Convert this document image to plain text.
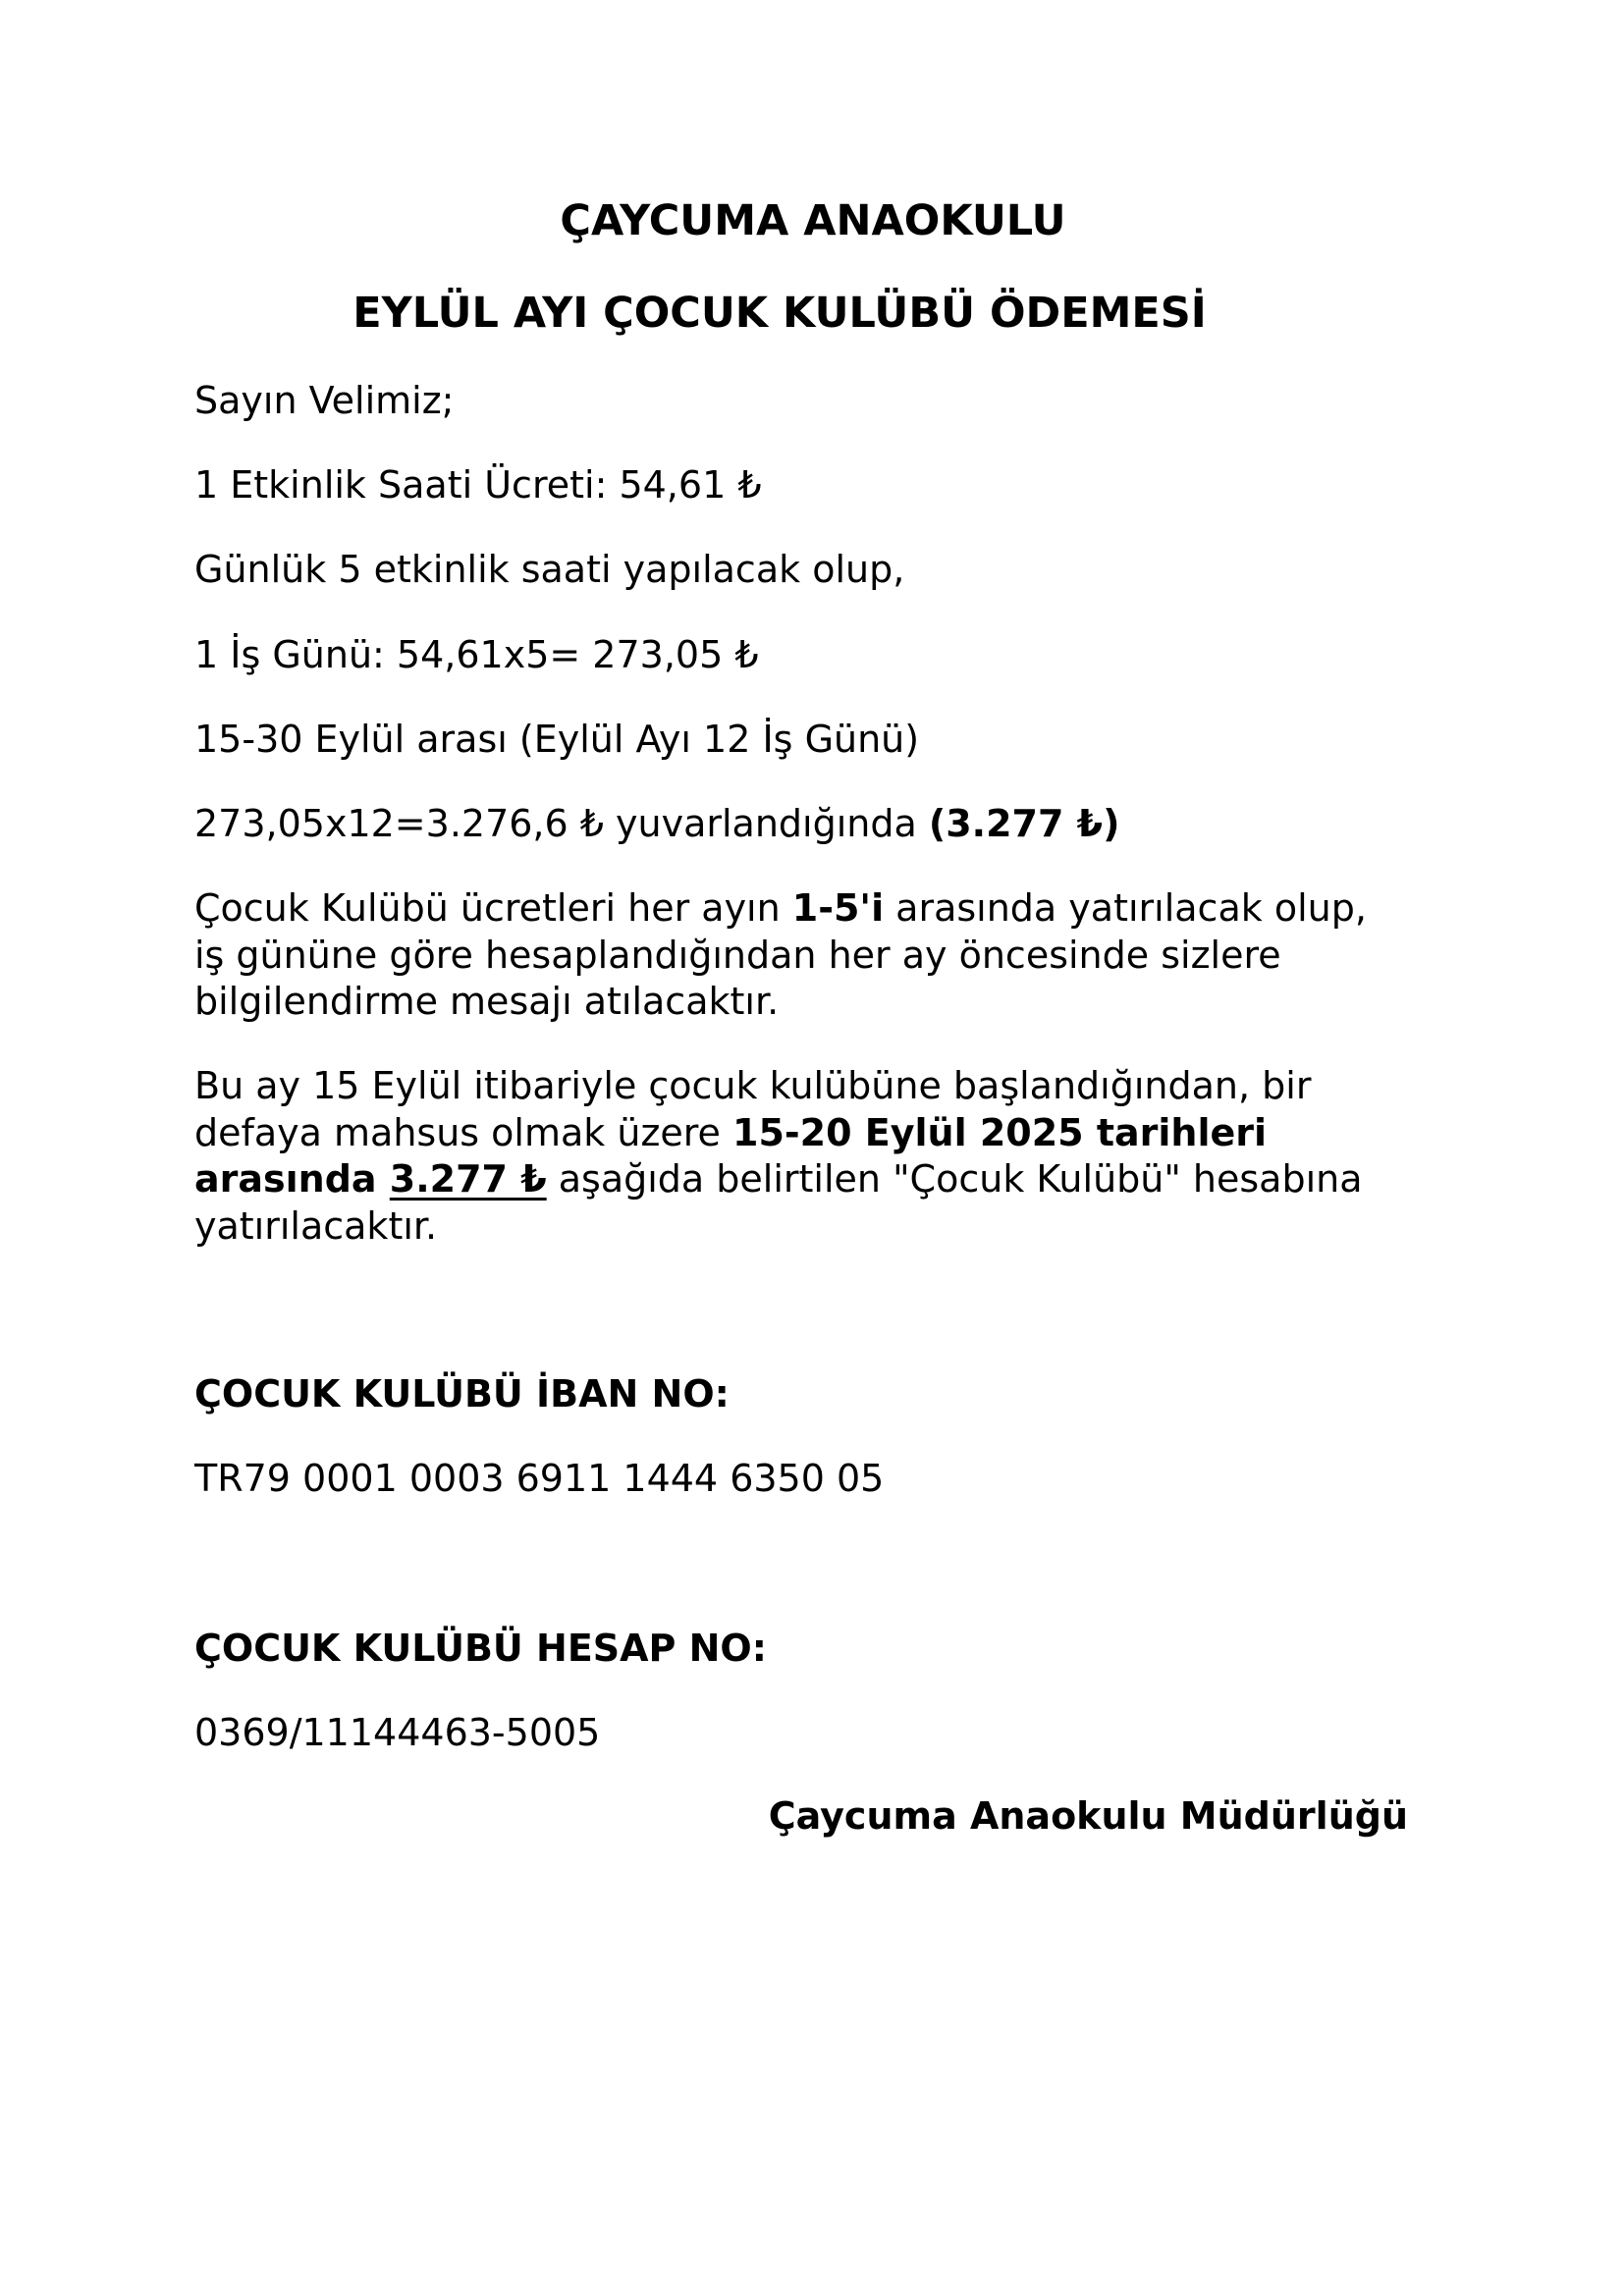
ÇAYCUMA ANAOKULU
EYLÜL AYI ÇOCUK KULÜBÜ ÖDEMESİ
Sayın Velimiz;
1 Etkinlik Saati Ücreti: 54,61 ₺
Günlük 5 etkinlik saati yapılacak olup,
1 İş Günü: 54,61x5= 273,05 ₺
15-30 Eylül arası (Eylül Ayı 12 İş Günü)
273,05x12=3.276,6 ₺ yuvarlandığında (3.277 ₺)
Çocuk Kulübü ücretleri her ayın 1-5'i arasında yatırılacak olup,
iş gününe göre hesaplandığından her ay öncesinde sizlere
bilgilendirme mesajı atılacaktır.
Bu ay 15 Eylül itibariyle çocuk kulübüne başlandığından, bir
defaya mahsus olmak üzere 15-20 Eylül 2025 tarihleri
arasında 3.277 ₺ aşağıda belirtilen "Çocuk Kulübü" hesabına
yatırılacaktır.
ÇOCUK KULÜBÜ İBAN NO:
TR79 0001 0003 6911 1444 6350 05
ÇOCUK KULÜBÜ HESAP NO:
0369/11144463-5005
Çaycuma Anaokulu Müdürlüğü
